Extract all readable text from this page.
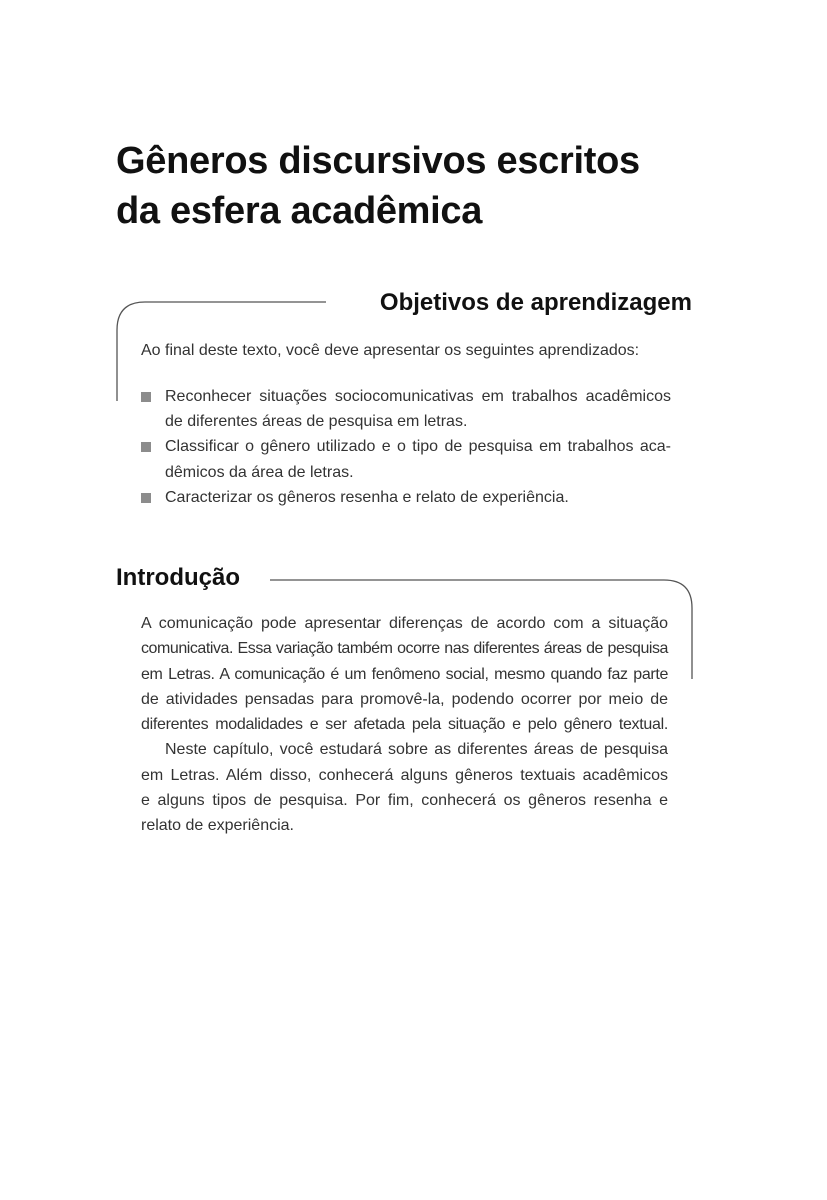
Gêneros discursivos escritos
da esfera acadêmica
Objetivos de aprendizagem
Ao final deste texto, você deve apresentar os seguintes aprendizados:
Reconhecer situações sociocomunicativas em trabalhos acadêmicos
de diferentes áreas de pesquisa em letras.
Classificar o gênero utilizado e o tipo de pesquisa em trabalhos aca-
dêmicos da área de letras.
Caracterizar os gêneros resenha e relato de experiência.
Introdução
A comunicação pode apresentar diferenças de acordo com a situação
comunicativa. Essa variação também ocorre nas diferentes áreas de pesquisa
em Letras. A comunicação é um fenômeno social, mesmo quando faz parte
de atividades pensadas para promovê-la, podendo ocorrer por meio de
diferentes modalidades e ser afetada pela situação e pelo gênero textual.
Neste capítulo, você estudará sobre as diferentes áreas de pesquisa
em Letras. Além disso, conhecerá alguns gêneros textuais acadêmicos
e alguns tipos de pesquisa. Por fim, conhecerá os gêneros resenha e
relato de experiência.
